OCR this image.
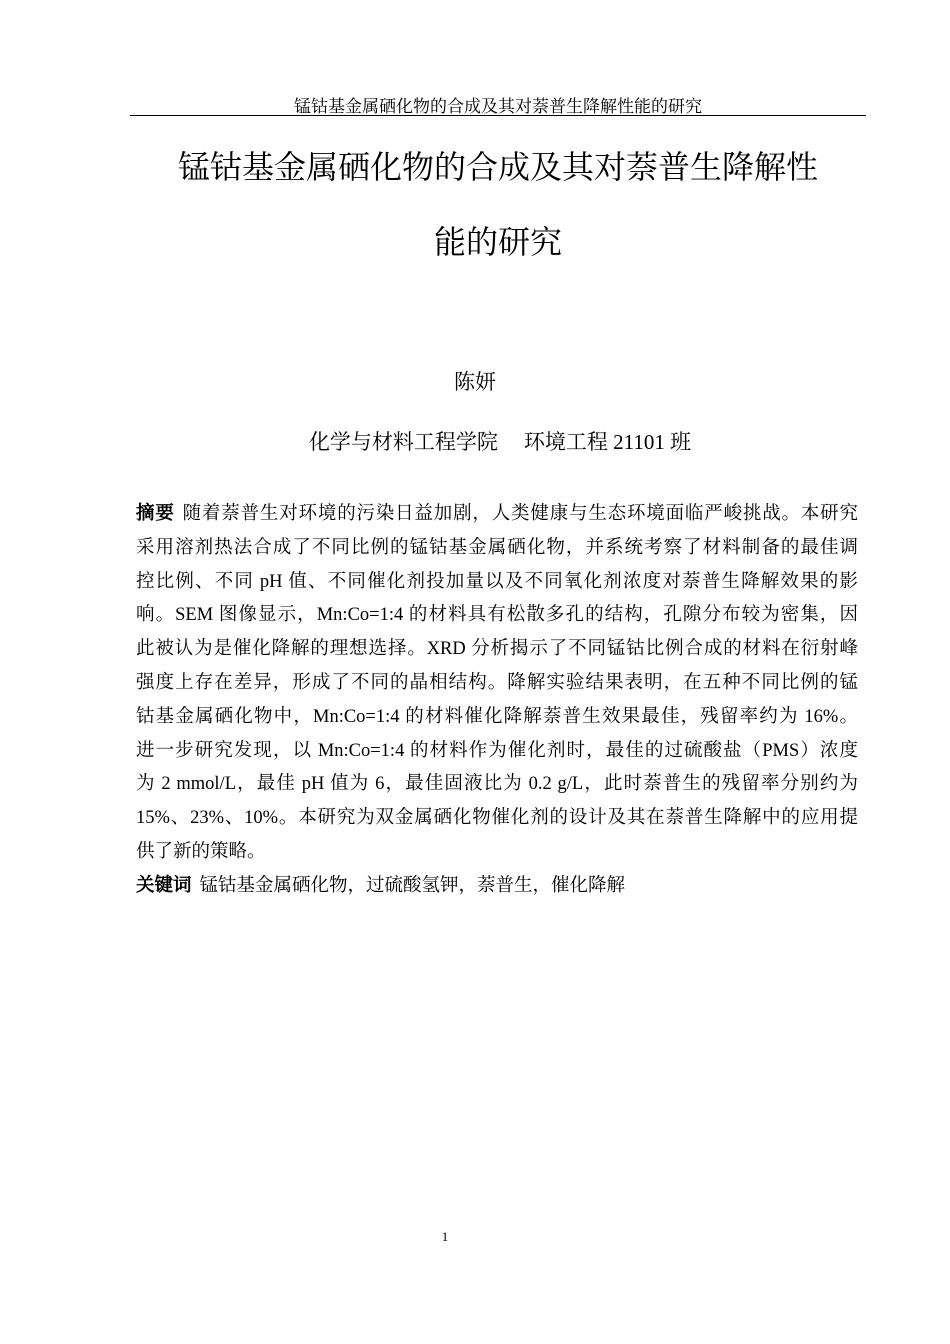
锰钴基金属硒化物的合成及其对萘普生降解性能的研究
锰钴基金属硒化物的合成及其对萘普生降解性
能的研究
陈妍
化学与材料工程学院 环境工程 21101 班
摘要 随着萘普生对环境的污染日益加剧，人类健康与生态环境面临严峻挑战。本研究
采用溶剂热法合成了不同比例的锰钴基金属硒化物，并系统考察了材料制备的最佳调
控比例、不同 pH 值、不同催化剂投加量以及不同氧化剂浓度对萘普生降解效果的影
响。SEM 图像显示，Mn:Co=1:4 的材料具有松散多孔的结构，孔隙分布较为密集，因
此被认为是催化降解的理想选择。XRD 分析揭示了不同锰钴比例合成的材料在衍射峰
强度上存在差异，形成了不同的晶相结构。降解实验结果表明，在五种不同比例的锰
钴基金属硒化物中，Mn:Co=1:4 的材料催化降解萘普生效果最佳，残留率约为 16%。
进一步研究发现，以 Mn:Co=1:4 的材料作为催化剂时，最佳的过硫酸盐（PMS）浓度
为 2 mmol/L，最佳 pH 值为 6，最佳固液比为 0.2 g/L，此时萘普生的残留率分别约为
15%、23%、10%。本研究为双金属硒化物催化剂的设计及其在萘普生降解中的应用提
供了新的策略。
关键词 锰钴基金属硒化物，过硫酸氢钾，萘普生，催化降解
1
